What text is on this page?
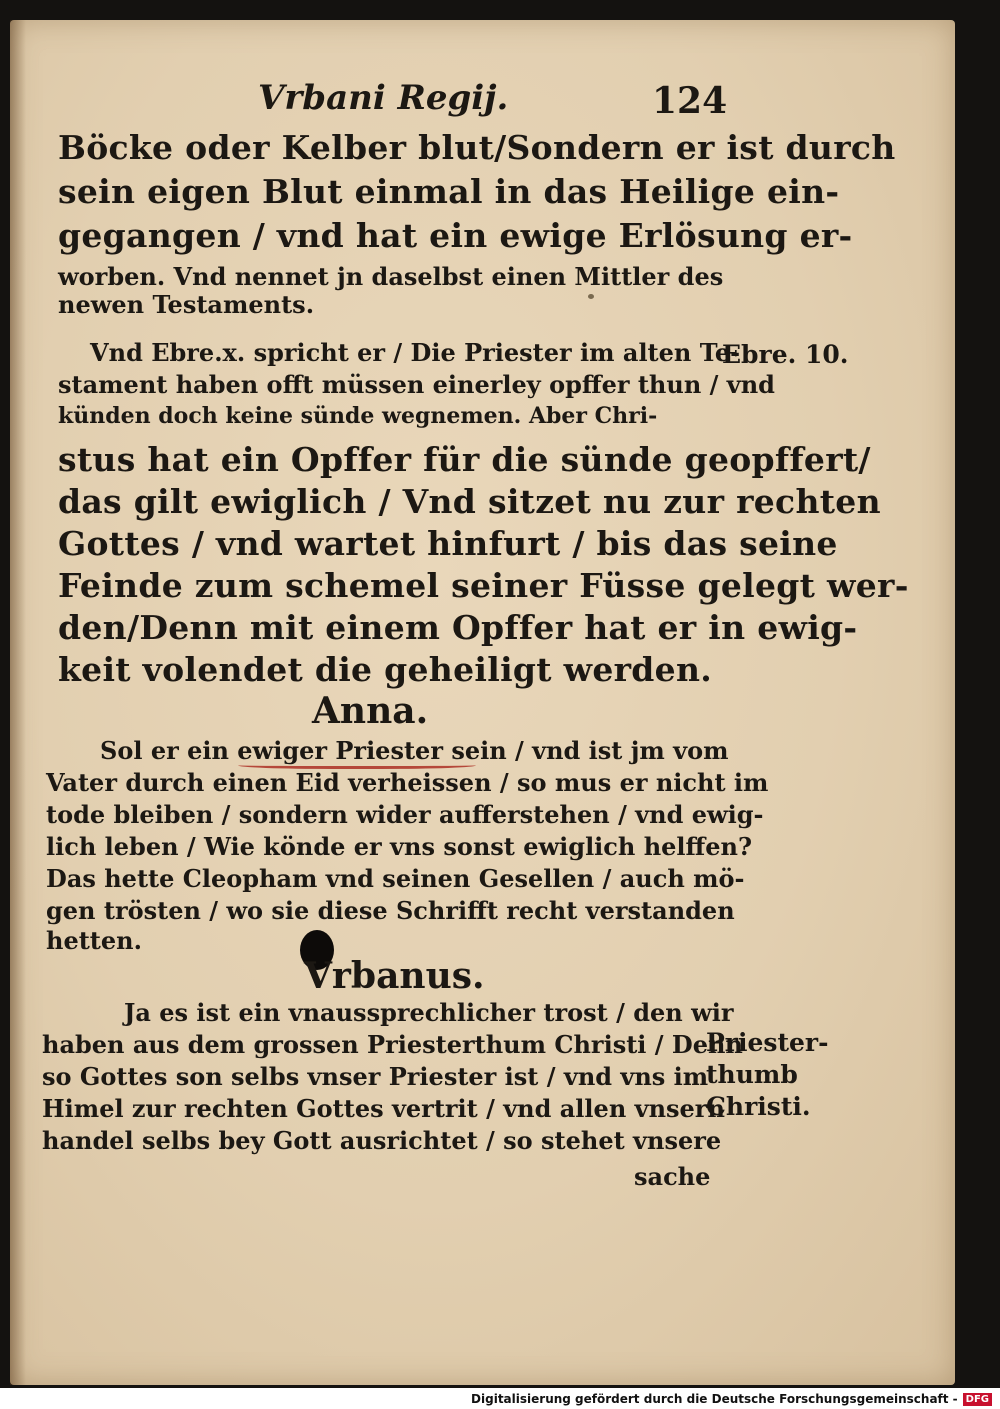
Vrbani Regij.	124
Böcke oder Kelber blut/Sondern er ist durch
sein eigen Blut einmal in das Heilige ein-
gegangen / vnd hat ein ewige Erlösung er-
worben. Vnd nennet jn daselbst einen Mittler des
newen Testaments.
Vnd Ebre.x. spricht er / Die Priester im alten Te-
Ebre. 10.
stament haben offt müssen einerley opffer thun / vnd
künden doch keine sünde wegnemen. Aber Chri-
stus hat ein Opffer für die sünde geopffert/
das gilt ewiglich / Vnd sitzet nu zur rechten
Gottes / vnd wartet hinfurt / bis das seine
Feinde zum schemel seiner Füsse gelegt wer-
den/Denn mit einem Opffer hat er in ewig-
keit volendet die geheiligt werden.
Anna.
Sol er ein ewiger Priester sein / vnd ist jm vom
Vater durch einen Eid verheissen / so mus er nicht im
tode bleiben / sondern wider aufferstehen / vnd ewig-
lich leben / Wie könde er vns sonst ewiglich helffen?
Das hette Cleopham vnd seinen Gesellen / auch mö-
gen trösten / wo sie diese Schrifft recht verstanden
hetten.
Vrbanus.
Ja es ist ein vnaussprechlicher trost / den wir
haben aus dem grossen Priesterthum Christi / Denn
so Gottes son selbs vnser Priester ist / vnd vns im
Himel zur rechten Gottes vertrit / vnd allen vnsern
handel selbs bey Gott ausrichtet / so stehet vnsere
sache
Priester-
thumb
Christi.
Digitalisierung gefördert durch die Deutsche Forschungsgemeinschaft - DFG
